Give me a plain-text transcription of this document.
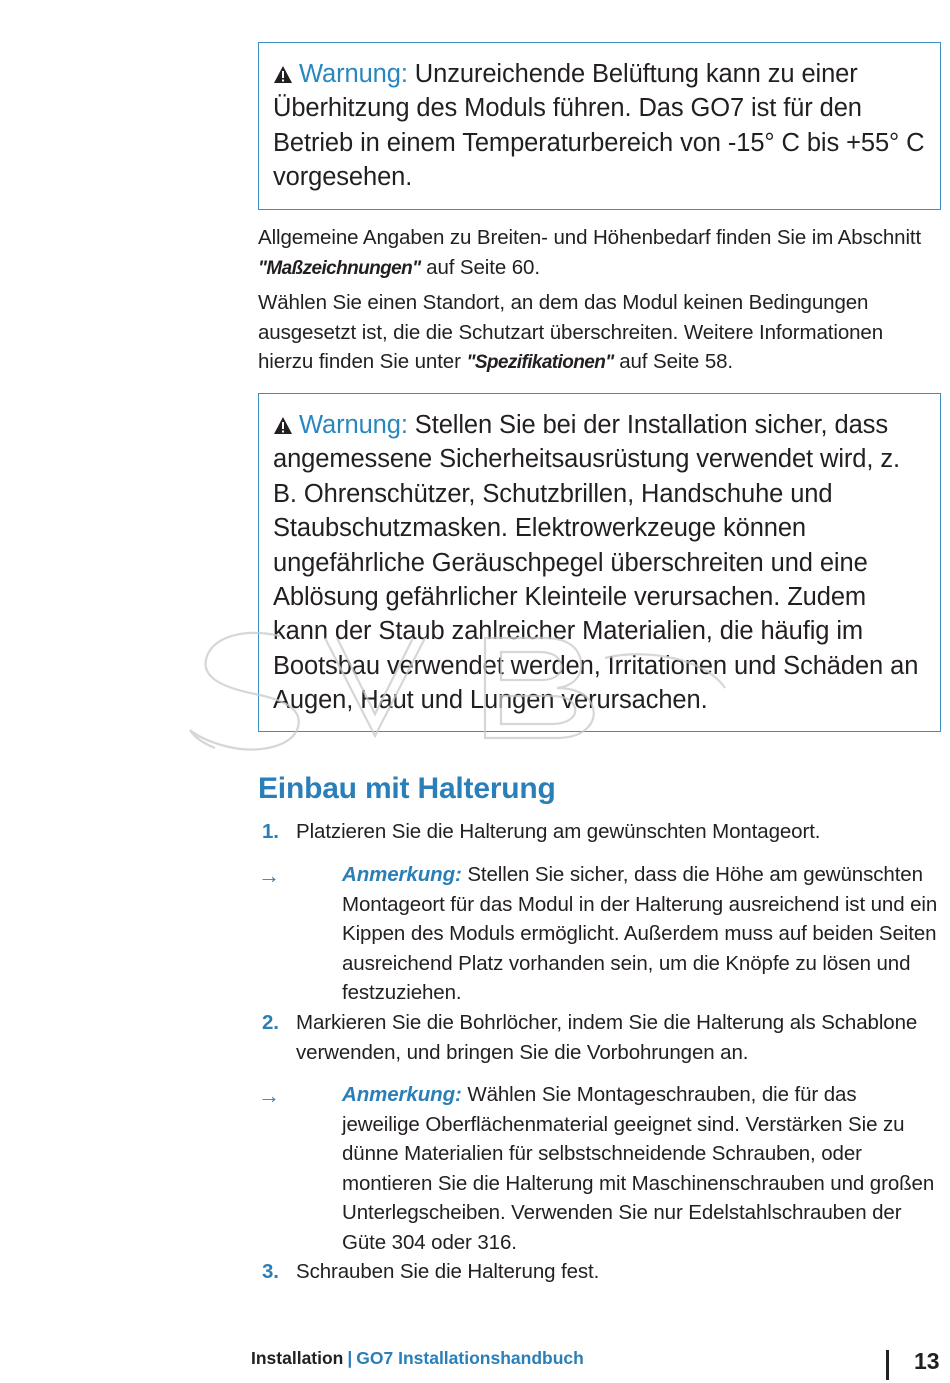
Warnung: Unzureichende Belüftung kann zu einer Überhitzung des Moduls führen. Das GO7 ist für den Betrieb in einem Temperaturbereich von -15° C bis +55° C vorgesehen.
Allgemeine Angaben zu Breiten- und Höhenbedarf finden Sie im Abschnitt "Maßzeichnungen" auf Seite 60.
Wählen Sie einen Standort, an dem das Modul keinen Bedingungen ausgesetzt ist, die die Schutzart überschreiten. Weitere Informationen hierzu finden Sie unter "Spezifikationen" auf Seite 58.
Warnung: Stellen Sie bei der Installation sicher, dass angemessene Sicherheitsausrüstung verwendet wird, z. B. Ohrenschützer, Schutzbrillen, Handschuhe und Staubschutzmasken. Elektrowerkzeuge können ungefährliche Geräuschpegel überschreiten und eine Ablösung gefährlicher Kleinteile verursachen. Zudem kann der Staub zahlreicher Materialien, die häufig im Bootsbau verwendet werden, Irritationen und Schäden an Augen, Haut und Lungen verursachen.
Einbau mit Halterung
1. Platzieren Sie die Halterung am gewünschten Montageort.
→	Anmerkung: Stellen Sie sicher, dass die Höhe am gewünschten Montageort für das Modul in der Halterung ausreichend ist und ein Kippen des Moduls ermöglicht. Außerdem muss auf beiden Seiten ausreichend Platz vorhanden sein, um die Knöpfe zu lösen und festzuziehen.
2. Markieren Sie die Bohrlöcher, indem Sie die Halterung als Schablone verwenden, und bringen Sie die Vorbohrungen an.
→	Anmerkung: Wählen Sie Montageschrauben, die für das jeweilige Oberflächenmaterial geeignet sind. Verstärken Sie zu dünne Materialien für selbstschneidende Schrauben, oder montieren Sie die Halterung mit Maschinenschrauben und großen Unterlegscheiben. Verwenden Sie nur Edelstahlschrauben der Güte 304 oder 316.
3. Schrauben Sie die Halterung fest.
Installation | GO7 Installationshandbuch	13
